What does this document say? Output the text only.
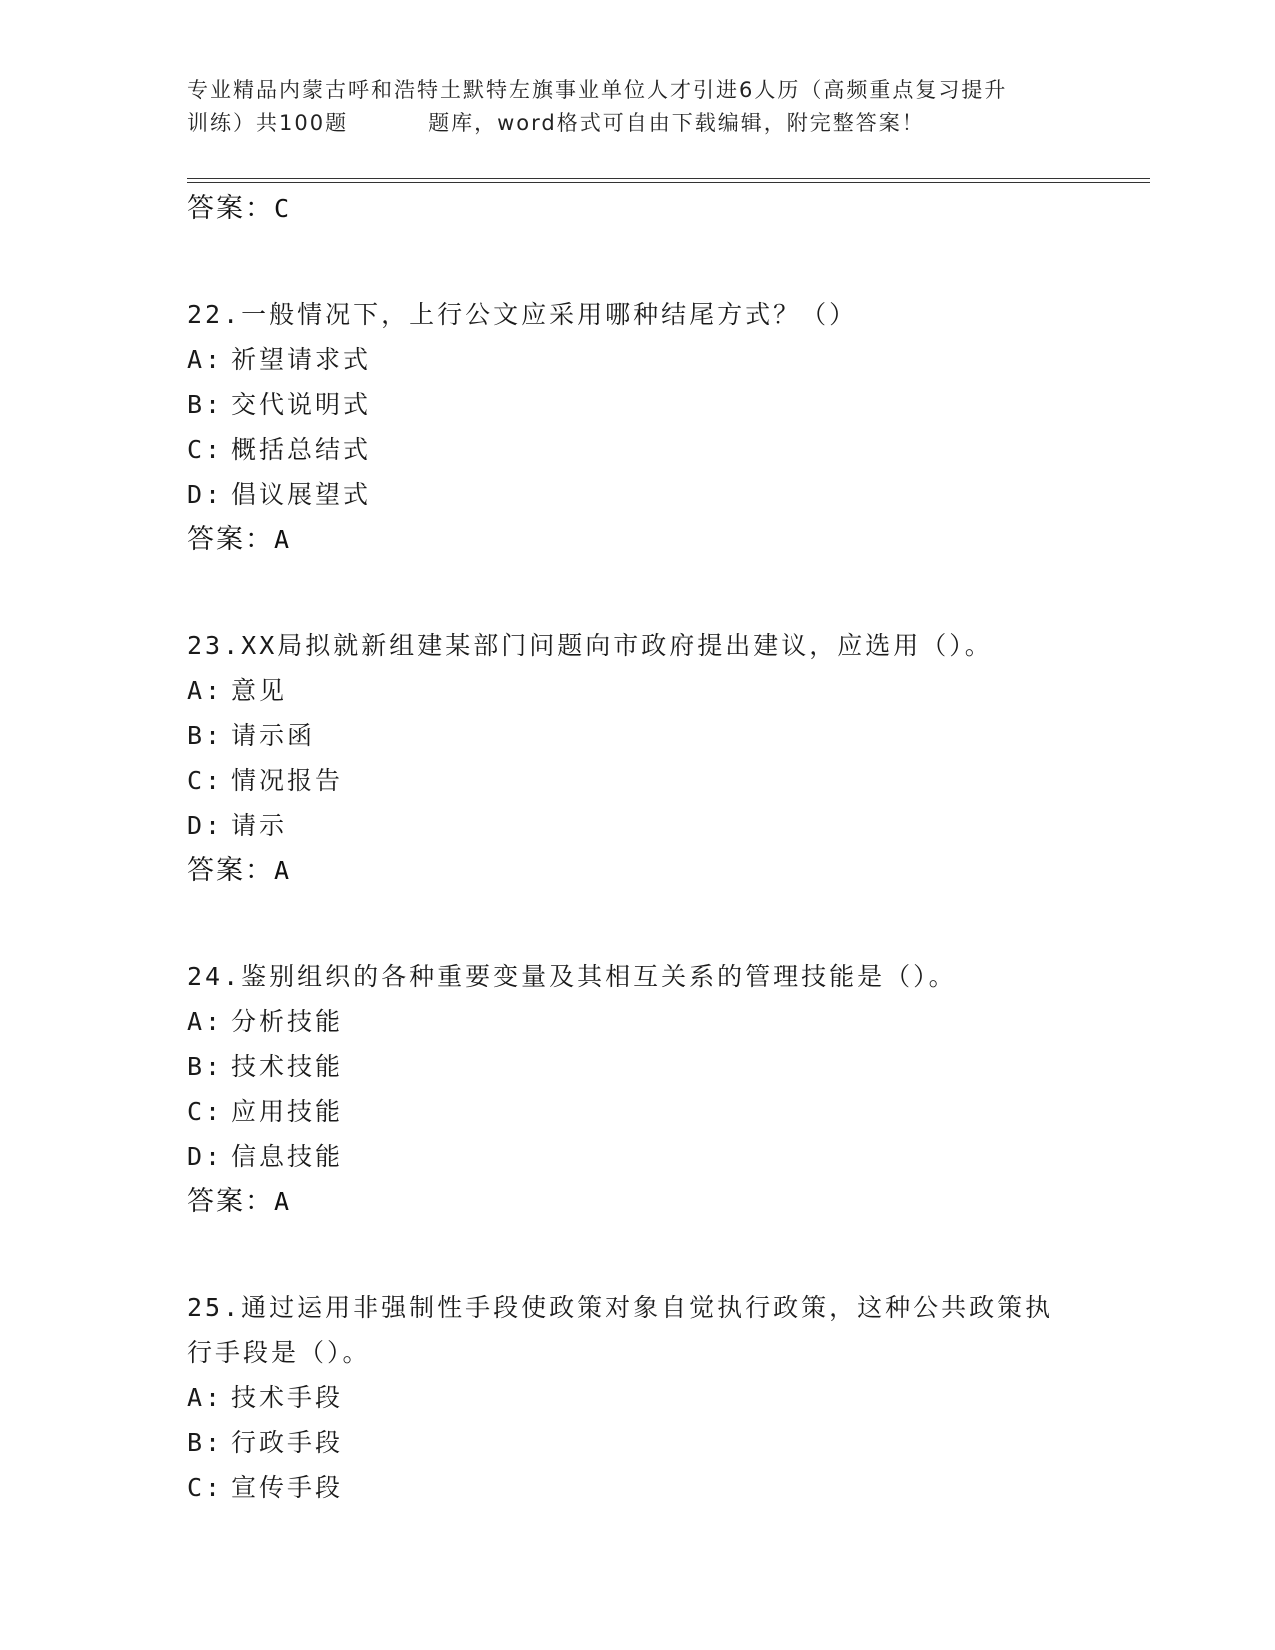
专业精品内蒙古呼和浩特土默特左旗事业单位人才引进6人历（高频重点复习提升
训练）共100题	题库，word格式可自由下载编辑，附完整答案！
答案：C
22.一般情况下，上行公文应采用哪种结尾方式？（）
A: 祈望请求式
B: 交代说明式
C: 概括总结式
D: 倡议展望式
答案：A
23.XX局拟就新组建某部门问题向市政府提出建议，应选用（）。
A: 意见
B: 请示函
C: 情况报告
D: 请示
答案：A
24.鉴别组织的各种重要变量及其相互关系的管理技能是（）。
A: 分析技能
B: 技术技能
C: 应用技能
D: 信息技能
答案：A
25.通过运用非强制性手段使政策对象自觉执行政策，这种公共政策执
行手段是（）。
A: 技术手段
B: 行政手段
C: 宣传手段
